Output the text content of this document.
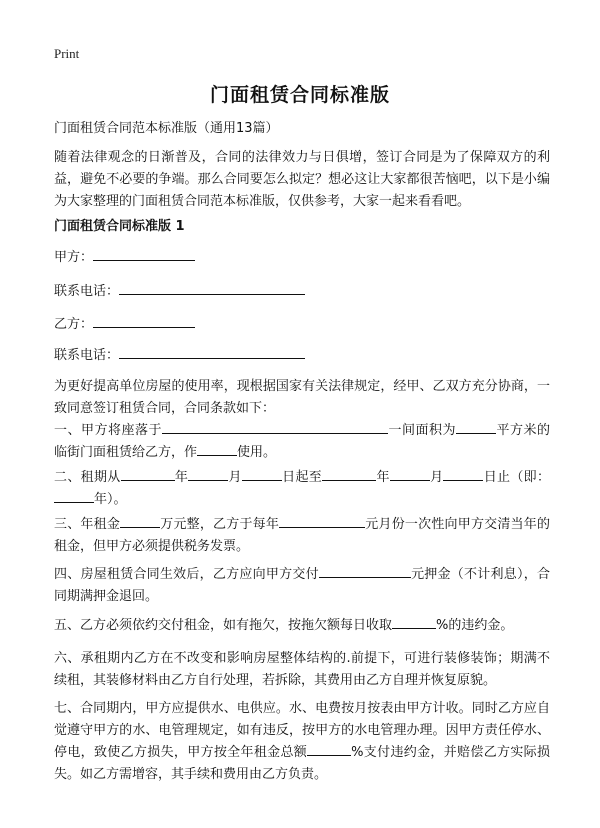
Print
门面租赁合同标准版

门面租赁合同范本标准版（通用13篇）

随着法律观念的日渐普及，合同的法律效力与日俱增，签订合同是为了保障双方的利益，避免不必要的争端。那么合同要怎么拟定？想必这让大家都很苦恼吧，以下是小编为大家整理的门面租赁合同范本标准版，仅供参考，大家一起来看看吧。

门面租赁合同标准版 1

甲方：

联系电话：

乙方：

联系电话：

为更好提高单位房屋的使用率，现根据国家有关法律规定，经甲、乙双方充分协商，一致同意签订租赁合同，合同条款如下：

一、甲方将座落于	一间面积为	平方米的临街门面租赁给乙方，作	使用。

二、租期从	年	月	日起至	年	月	日止（即：年）。

三、年租金	万元整，乙方于每年	元月份一次性向甲方交清当年的租金，但甲方必须提供税务发票。

四、房屋租赁合同生效后，乙方应向甲方交付	元押金（不计利息），合同期满押金退回。

五、乙方必须依约交付租金，如有拖欠，按拖欠额每日收取	%的违约金。

六、承租期内乙方在不改变和影响房屋整体结构的.前提下，可进行装修装饰；期满不续租，其装修材料由乙方自行处理，若拆除，其费用由乙方自理并恢复原貌。

七、合同期内，甲方应提供水、电供应。水、电费按月按表由甲方计收。同时乙方应自觉遵守甲方的水、电管理规定，如有违反，按甲方的水电管理办理。因甲方责任停水、停电，致使乙方损失，甲方按全年租金总额	%支付违约金，并赔偿乙方实际损失。如乙方需增容，其手续和费用由乙方负责。
